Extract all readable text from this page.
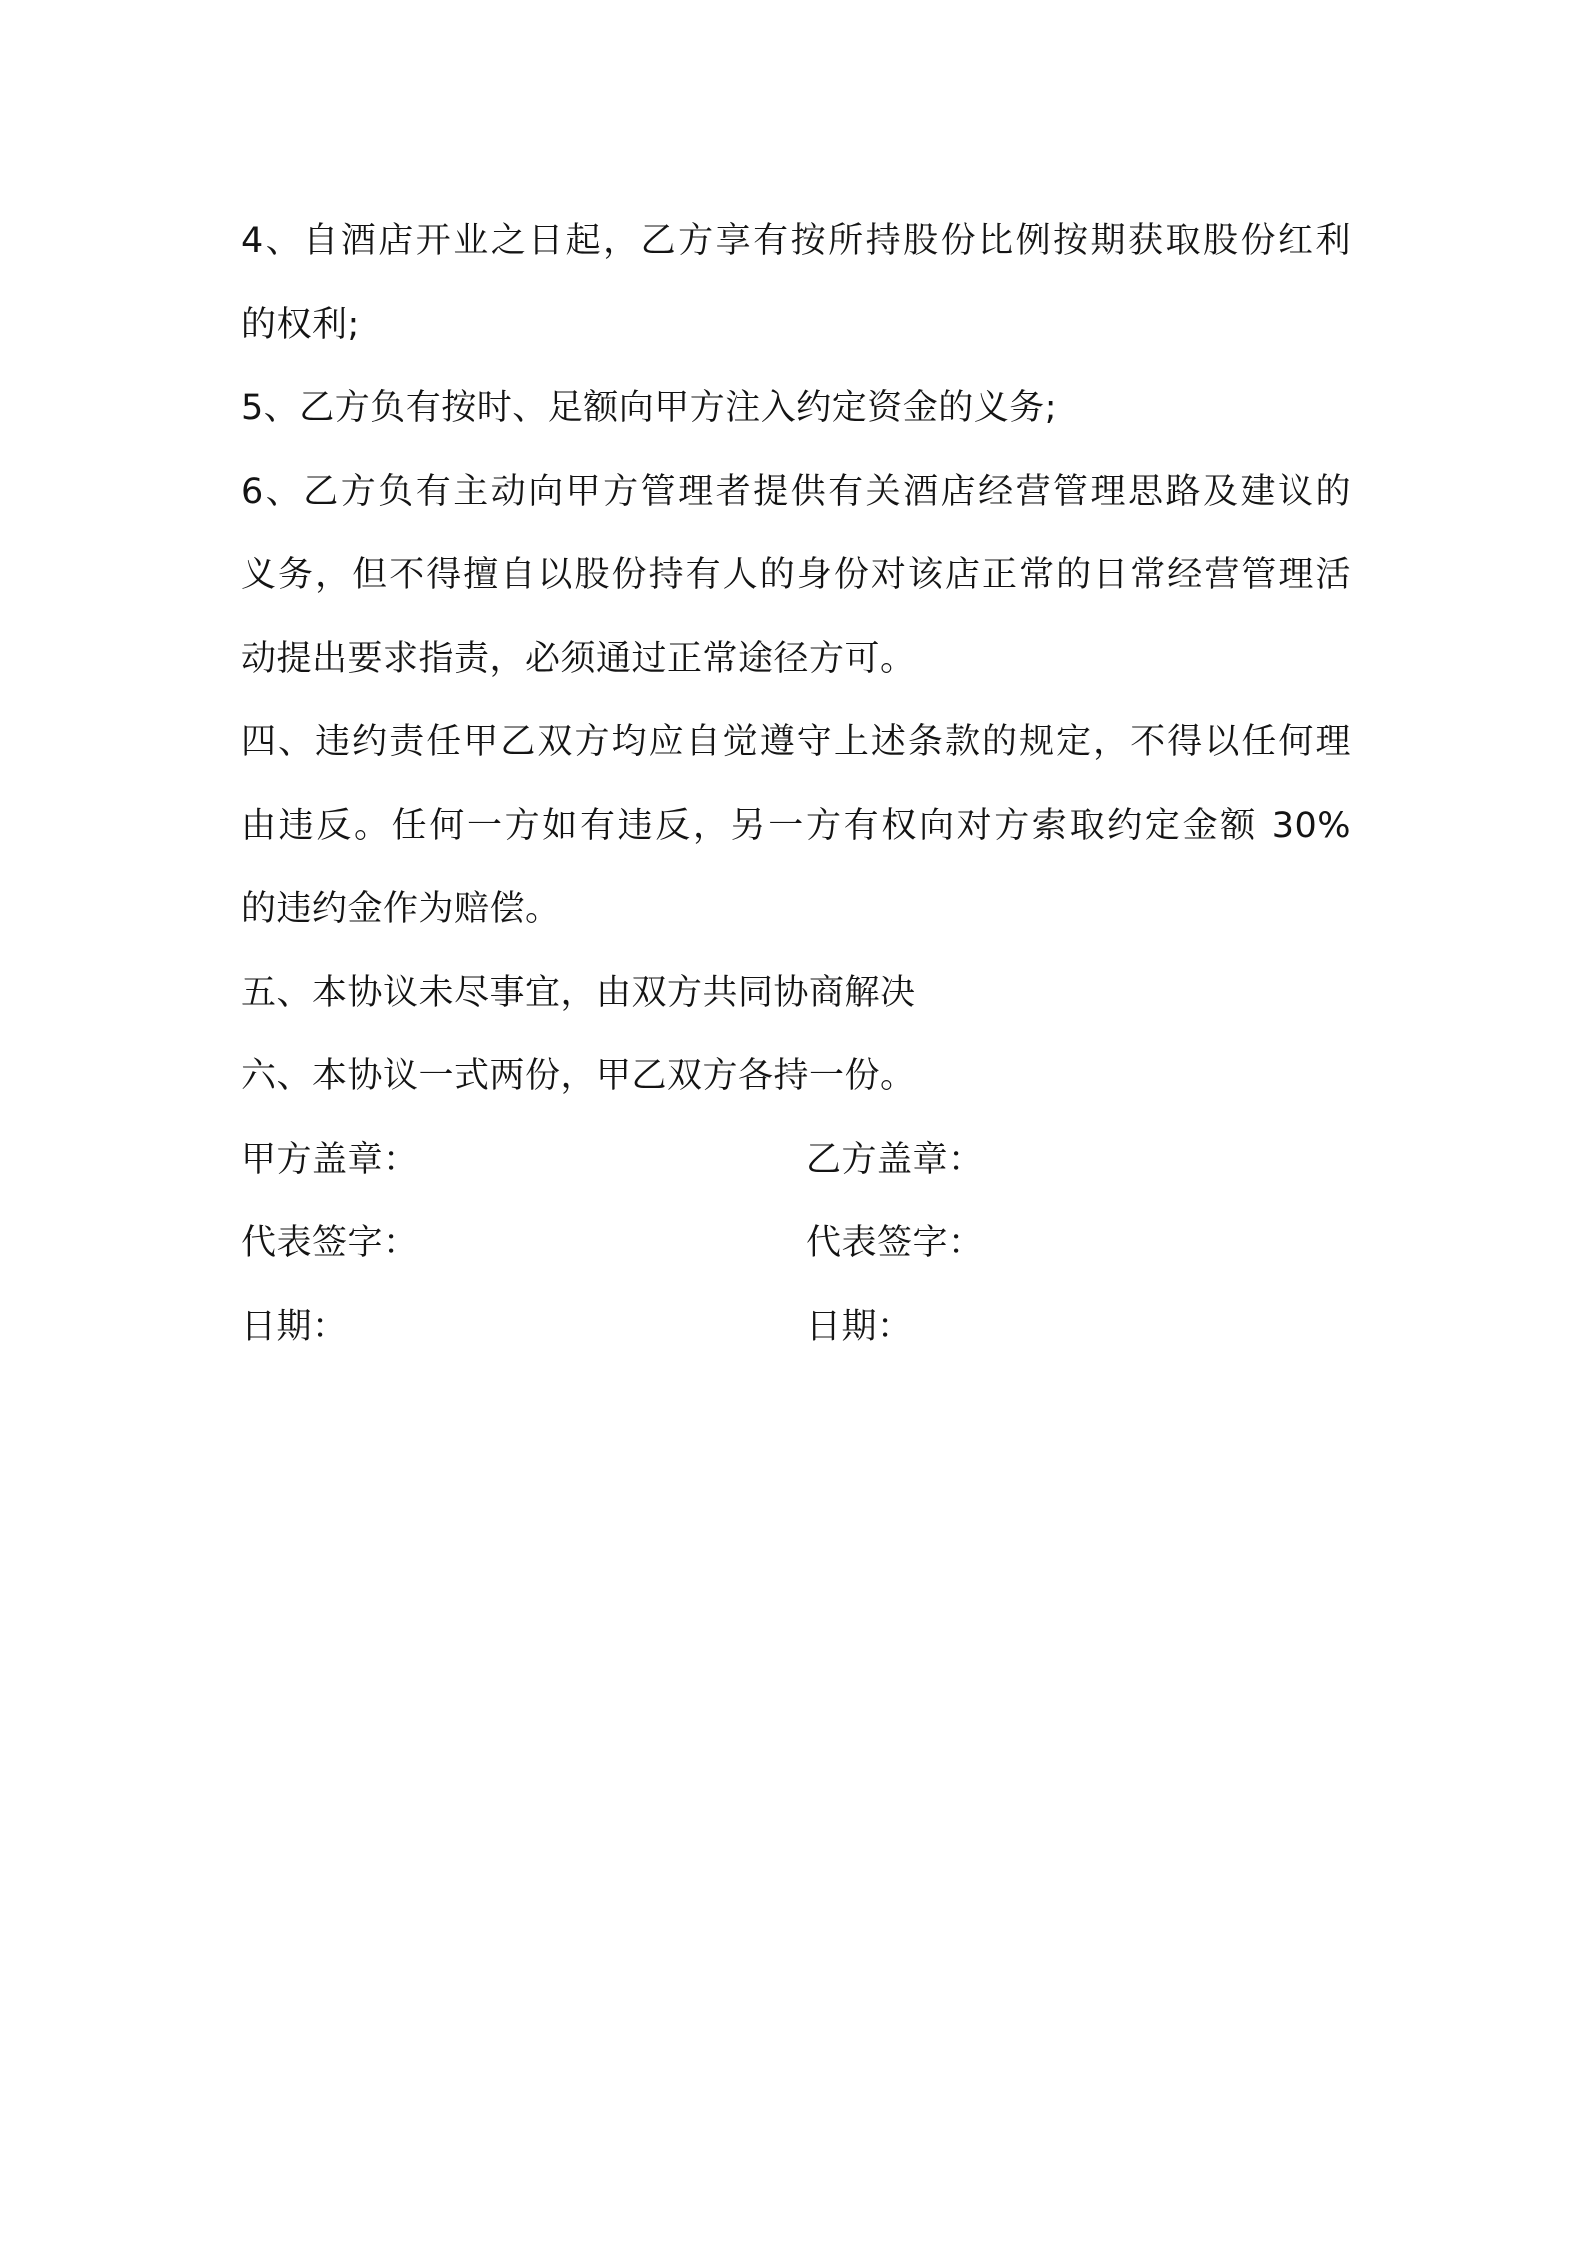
4、自酒店开业之日起，乙方享有按所持股份比例按期获取股份红利
的权利;
5、乙方负有按时、足额向甲方注入约定资金的义务;
6、乙方负有主动向甲方管理者提供有关酒店经营管理思路及建议的
义务，但不得擅自以股份持有人的身份对该店正常的日常经营管理活
动提出要求指责，必须通过正常途径方可。
四、违约责任甲乙双方均应自觉遵守上述条款的规定，不得以任何理
由违反。任何一方如有违反，另一方有权向对方索取约定金额 30%
的违约金作为赔偿。
五、本协议未尽事宜，由双方共同协商解决
六、本协议一式两份，甲乙双方各持一份。
甲方盖章：	乙方盖章：
代表签字：	代表签字：
日期：	日期：
